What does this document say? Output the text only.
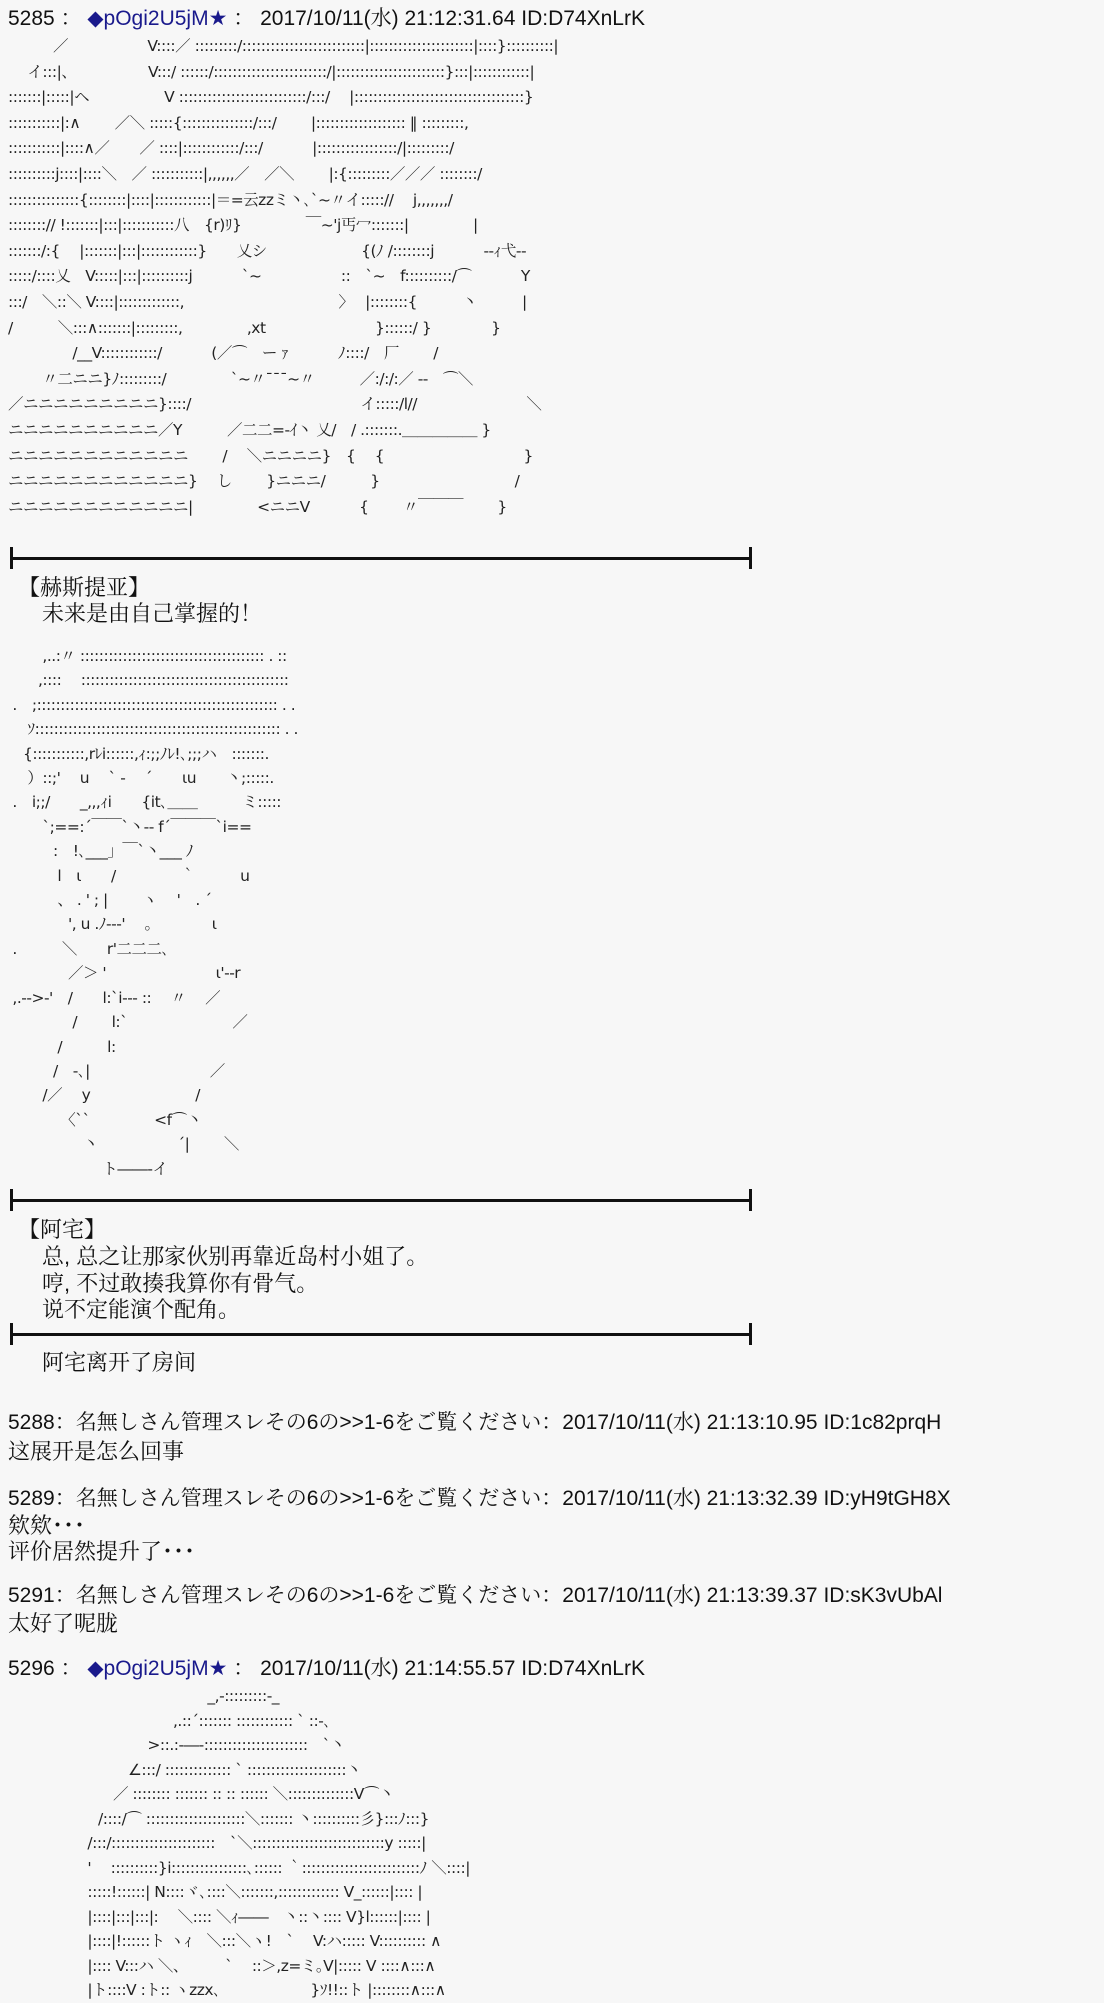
5285 ： ◆pOgi2U5jM★ ： 2017/10/11(水) 21:12:31.64 ID:D74XnLrK
　　　／　　　　　 V::::／ :::::::::/::::::::::::::::::::::::::|::::::::::::::::::::::|::::}::::::::::|
　 イ:::|、　　　　　 V:::/ ::::::/::::::::::::::::::::::::/|:::::::::::::::::::::::}:::|::::::::::::|
:::::::|:::::|ヘ　　　　　V :::::::::::::::::::::::::::/:::/　 |::::::::::::::::::::::::::::::::::::}
:::::::::::|:∧　　 ／＼ :::::{:::::::::::::::/:::/　　 |::::::::::::::::::: ‖ :::::::::,
:::::::::::|::::∧／　　／ ::::|::::::::::::/:::/　　　 |:::::::::::::::::/|:::::::::/
::::::::::j::::|::::＼　／ :::::::::::|,,,,,,／　／＼　　 |:{:::::::::／／／ ::::::::/
:::::::::::::::{::::::::|::::|::::::::::::|＝=云zzミ丶､`~〃イ::::://　 j,,,,,,,/
::::::::// !:::::::|:::|:::::::::::八　{r)ﾘ}　　　　 ￣~'j丐冖:::::::|　　　　 |
:::::::/:{　 |:::::::|:::|::::::::::::}　　乂シ　　　　　　 {(ﾉ /::::::::j　　　 --ｨ弋--
:::::/::::乂　V:::::|:::|::::::::::j　　　 `~　　　　　 ::　`~　f::::::::::/⌒　　　 Y
:::/　＼::＼ V::::|:::::::::::::,　　　　　　　　　　 〉　 |::::::::{　　　丶　　　|
/　　　＼:::∧:::::::|:::::::::,　　　　 ,xt　　　　　　　 }::::::/ }　　　　}
　　　　 /__V::::::::::::/　　　 (／⌒　ー ｧ　　　 ﾉ::::/　厂　　 /
　　 〃二ニニ}ﾉ:::::::::/　　　　 `~〃¯¯¯~〃　　　／:/:/:／ -‐　⌒＼
／ニニニニニニニニニ}::::/　　　　　　　　　　　 イ:::::/l//　　　　　　　 ＼
ニニニニニニニニニニ／Y　　　／二二=‐ｲ丶 乂/　/ .:::::::.＿＿＿＿＿ }
ニニニニニニニニニニニニ　　 /　 ＼ニニニニ}　{　 {　　　　　　　　　 }
ニニニニニニニニニニニニ}　 し　　 }ニニニ/　　　}　　　　　　　　　/
ニニニニニニニニニニニニ|　　　　 <ニニV　　　 {　　 〃￣￣￣　　 }
【赫斯提亚】
未来是由自己掌握的！
　　 ,..:〃 ::::::::::::::::::::::::::::::::::::::: . ::
　　,:::: 　::::::::::::::::::::::::::::::::::::::::::::
.　;::::::::::::::::::::::::::::::::::::::::::::::::::: . .
　 ｿ:::::::::::::::::::::::::::::::::::::::::::::::::::: . .
　{:::::::::::,rﾚi::::::,ｨ:;;ﾉﾚ!､;;;ハ　:::::::.
　 ）::;'　 u　 ` ‐　 ´　　ιu　　丶;:::::.
.　i;;/　　_,,,ｨi　　{it､＿＿　　　ミ:::::
　　 `;==:´￣￣`丶‐‐ f´￣￣￣`i==
　　　:　!､___」￣`丶___ ﾉ
　　　 l　ι　　/　　　　 ｀　　　u
　　　 、 . ' ; |　　 ヽ　 '　. ´
　　　　', u .ﾉ‐‐‐'　 ｡　　　　ι
.　　　＼　　r'二二二､
　　　　／＞ '　　　　　　　 ι'‐‐r
,.-->-'　/　　l:`i‐‐‐ ::　 〃　 ／
　　　　 /　　 l:`　　　　　　　／
　　　 /　　　l:
　　　/　-､|　　　　　　　　／
　　 /／　 y　　　　　　　/
　　　　〈``　　　　 <f⌒丶
　　　　　丶　　　　　 ´|　　 ＼
　　　　　　 ト――‐イ
【阿宅】
总, 总之让那家伙别再靠近岛村小姐了。
哼, 不过敢揍我算你有骨气。
说不定能演个配角。
阿宅离开了房间
5288：名無しさん管理スレその6の>>1-6をご覧ください：2017/10/11(水) 21:13:10.95 ID:1c82prqH
这展开是怎么回事
5289：名無しさん管理スレその6の>>1-6をご覧ください：2017/10/11(水) 21:13:32.39 ID:yH9tGH8X
欸欸･･･
评价居然提升了･･･
5291：名無しさん管理スレその6の>>1-6をご覧ください：2017/10/11(水) 21:13:39.37 ID:sK3vUbAl
太好了呢胧
5296 ： ◆pOgi2U5jM★ ： 2017/10/11(水) 21:14:55.57 ID:D74XnLrK
　　　　　　　　　　　　　 _,-:::::::::-_
　　　　　　　　　　　,.::´::::::: :::::::::::: ` ::-､
　　　　　　　　　 >::.:-―-::::::::::::::::::::::　`丶
　　　　　　　　∠:::/ :::::::::::::: ` :::::::::::::::::::::丶
　　　　　　　／ :::::::: ::::::: :: :: :::::: ＼::::::::::::::V⌒丶
　　　　　　/::::/⌒ :::::::::::::::::::::＼::::::: 丶::::::::::彡}:::ﾉ:::}
　　　　　 /:::/::::::::::::::::::::::　`＼::::::::::::::::::::::::::::y :::::|
　　　　　 '　 ::::::::::}i::::::::::::::::､:::::: ｀:::::::::::::::::::::::::ﾉ ＼::::|
　　　　　 :::::!::::::| N::::ヾ､::::＼:::::::,::::::::::::: V_::::::|:::: |
　　　　　 |::::|:::|:::|:　 ＼:::: ＼ｨ――　丶::丶:::: V}l::::::|:::: |
　　　　　 |::::|!::::::ト ヽｨ　＼:::＼ヽ!　` 　V:ハ::::: V:::::::::: ∧
　　　　　 |:::: V:::ハ ＼、　　　` 　::＞,z=ミ｡V|::::: V ::::∧:::∧
　　　　　 |ト::::V :ト:: ヽzzx､　　　　　　}ｿ!!::ト |::::::::∧:::∧
